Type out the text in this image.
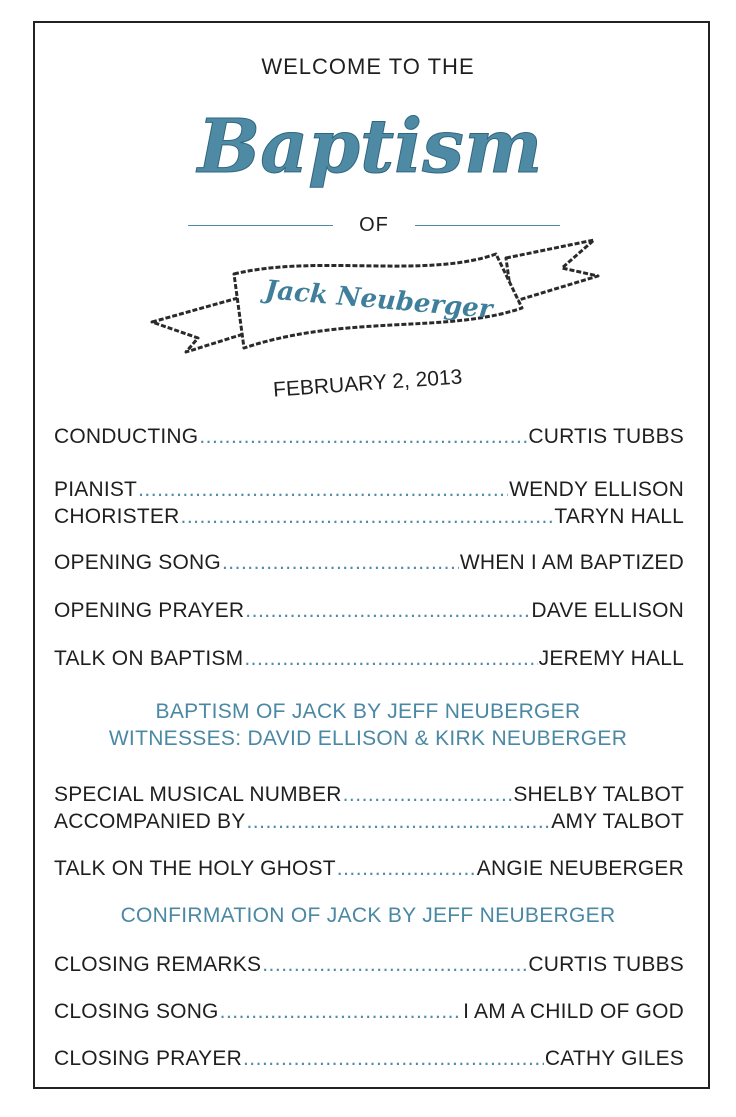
WELCOME TO THE
Baptism
OF
Jack Neuberger
FEBRUARY 2, 2013
CONDUCTING .....	CURTIS TUBBS
PIANIST .....	WENDY ELLISON
CHORISTER .....	TARYN HALL
OPENING SONG .....	WHEN I AM BAPTIZED
OPENING PRAYER .....	DAVE ELLISON
TALK ON BAPTISM .....	JEREMY HALL
BAPTISM OF JACK BY JEFF NEUBERGER
WITNESSES: DAVID ELLISON & KIRK NEUBERGER
SPECIAL MUSICAL NUMBER .....	SHELBY TALBOT
ACCOMPANIED BY .....	AMY TALBOT
TALK ON THE HOLY GHOST .....	ANGIE NEUBERGER
CONFIRMATION OF JACK BY JEFF NEUBERGER
CLOSING REMARKS .....	CURTIS TUBBS
CLOSING SONG .....	I AM A CHILD OF GOD
CLOSING PRAYER .....	CATHY GILES
